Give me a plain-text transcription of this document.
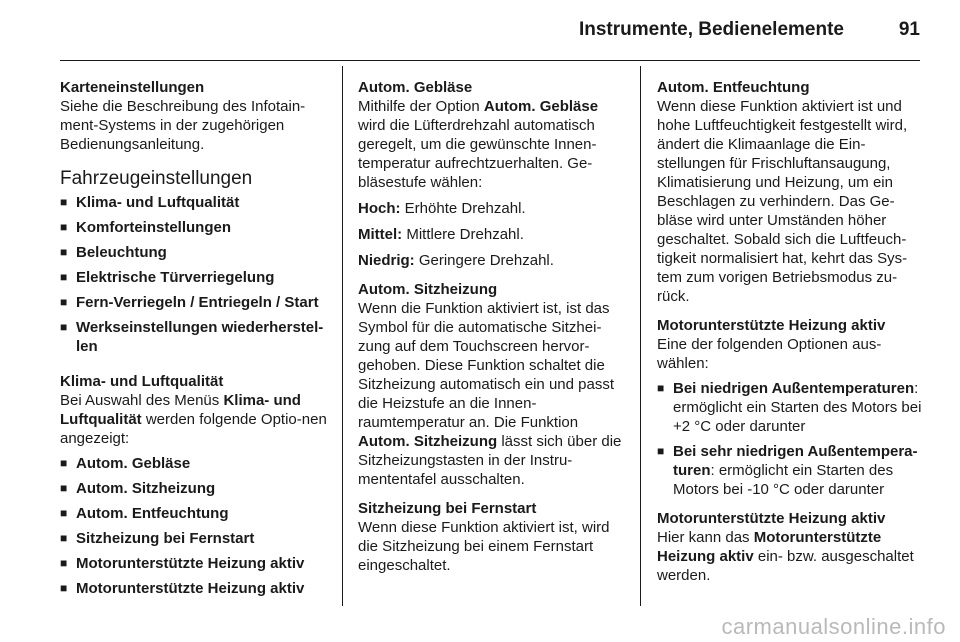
Instrumente, Bedienelemente	91

Karteneinstellungen

Siehe die Beschreibung des Infotain-ment-Systems in der zugehörigen Bedienungsanleitung.

Fahrzeugeinstellungen

■ Klima- und Luftqualität
■ Komforteinstellungen
■ Beleuchtung
■ Elektrische Türverriegelung
■ Fern-Verriegeln / Entriegeln / Start
■ Werkseinstellungen wiederherstel-len

Klima- und Luftqualität

Bei Auswahl des Menüs Klima- und Luftqualität werden folgende Optio-nen angezeigt:

■ Autom. Gebläse
■ Autom. Sitzheizung
■ Autom. Entfeuchtung
■ Sitzheizung bei Fernstart
■ Motorunterstützte Heizung aktiv
■ Motorunterstützte Heizung aktiv

Autom. Gebläse

Mithilfe der Option Autom. Gebläse wird die Lüfterdrehzahl automatisch geregelt, um die gewünschte Innen-temperatur aufrechtzuerhalten. Ge-bläsestufe wählen:

Hoch: Erhöhte Drehzahl.

Mittel: Mittlere Drehzahl.

Niedrig: Geringere Drehzahl.

Autom. Sitzheizung

Wenn die Funktion aktiviert ist, ist das Symbol für die automatische Sitzhei-zung auf dem Touchscreen hervor-gehoben. Diese Funktion schaltet die Sitzheizung automatisch ein und passt die Heizstufe an die Innen-raumtemperatur an. Die Funktion Autom. Sitzheizung lässt sich über die Sitzheizungstasten in der Instru-mententafel ausschalten.

Sitzheizung bei Fernstart

Wenn diese Funktion aktiviert ist, wird die Sitzheizung bei einem Fernstart eingeschaltet.

Autom. Entfeuchtung

Wenn diese Funktion aktiviert ist und hohe Luftfeuchtigkeit festgestellt wird, ändert die Klimaanlage die Ein-stellungen für Frischluftansaugung, Klimatisierung und Heizung, um ein Beschlagen zu verhindern. Das Ge-bläse wird unter Umständen höher geschaltet. Sobald sich die Luftfeuch-tigkeit normalisiert hat, kehrt das Sys-tem zum vorigen Betriebsmodus zu-rück.

Motorunterstützte Heizung aktiv

Eine der folgenden Optionen aus-wählen:

■ Bei niedrigen Außentemperaturen: ermöglicht ein Starten des Motors bei +2 °C oder darunter
■ Bei sehr niedrigen Außentempera-turen: ermöglicht ein Starten des Motors bei -10 °C oder darunter

Motorunterstützte Heizung aktiv

Hier kann das Motorunterstützte Heizung aktiv ein- bzw. ausgeschaltet werden.

carmanualsonline.info
